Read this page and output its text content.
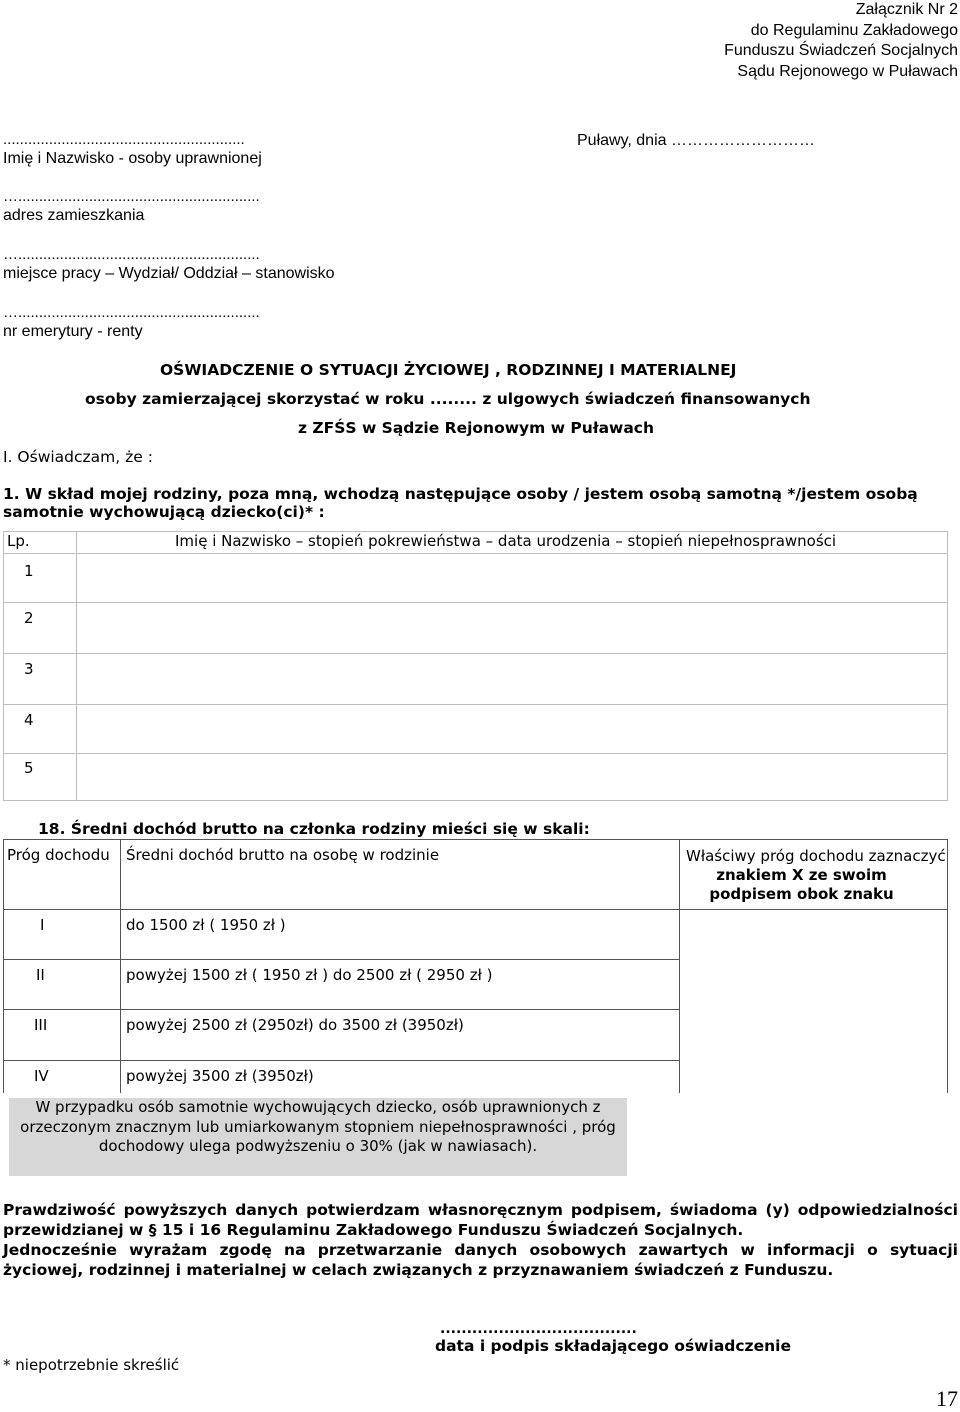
Załącznik Nr 2
do Regulaminu Zakładowego
Funduszu Świadczeń Socjalnych
Sądu Rejonowego w Puławach
..........................................................
Imię i Nazwisko - osoby uprawnionej
Puławy, dnia ………………………
…..........................................................
adres zamieszkania
…..........................................................
miejsce pracy – Wydział/ Oddział – stanowisko
…..........................................................
nr emerytury - renty
OŚWIADCZENIE O SYTUACJI ŻYCIOWEJ , RODZINNEJ I MATERIALNEJ
osoby zamierzającej skorzystać w roku ........ z ulgowych świadczeń finansowanych
z ZFŚS w Sądzie Rejonowym w Puławach
I. Oświadczam, że :
1. W skład mojej rodziny, poza mną, wchodzą następujące osoby / jestem osobą samotną */jestem osobą samotnie wychowującą dziecko(ci)* :
Lp.	Imię i Nazwisko – stopień pokrewieństwa – data urodzenia – stopień niepełnosprawności
1	
2	
3	
4	
5	
18. Średni dochód brutto na członka rodziny mieści się w skali:
Próg dochodu	Średni dochód brutto na osobę w rodzinie	Właściwy próg dochodu zaznaczyć
znakiem X ze swoim podpisem obok znaku

I	do 1500 zł ( 1950 zł )	
II	powyżej 1500 zł ( 1950 zł ) do 2500 zł ( 2950 zł )	
III	powyżej 2500 zł (2950zł) do 3500 zł (3950zł)	
IV	powyżej 3500 zł (3950zł)	
W przypadku osób samotnie wychowujących dziecko, osób uprawnionych z orzeczonym znacznym lub umiarkowanym stopniem niepełnosprawności , próg dochodowy ulega podwyższeniu o 30% (jak w nawiasach).

Prawdziwość powyższych danych potwierdzam własnoręcznym podpisem, świadoma (y) odpowiedzialności przewidzianej w § 15 i 16 Regulaminu Zakładowego Funduszu Świadczeń Socjalnych.

Jednocześnie wyrażam zgodę na przetwarzanie danych osobowych zawartych w informacji o sytuacji życiowej, rodzinnej i materialnej w celach związanych z przyznawaniem świadczeń z Funduszu.

.....................................
data i podpis składającego oświadczenie
* niepotrzebnie skreślić
17
